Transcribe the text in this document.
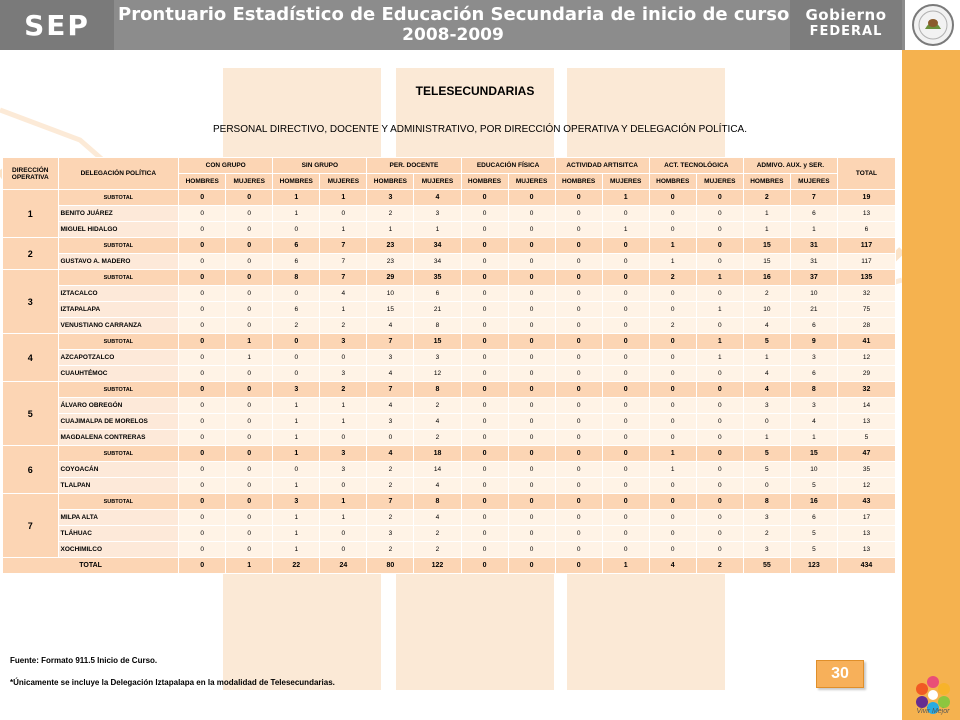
SEP	Prontuario Estadístico de Educación Secundaria de inicio de curso
2008-2009
Gobierno
FEDERAL
TELESECUNDARIAS
PERSONAL DIRECTIVO, DOCENTE Y ADMINISTRATIVO, POR DIRECCIÓN OPERATIVA Y DELEGACIÓN POLÍTICA.
DIRECCIÓN OPERATIVA	DELEGACIÓN POLÍTICA	CON GRUPO		SIN GRUPO		PER. DOCENTE		EDUCACIÓN FÍSICA		ACTIVIDAD ARTISITCA		ACT. TECNOLÓGICA		ADMIVO. AUX. y SER.		TOTAL
		HOMBRES	MUJERES	HOMBRES	MUJERES	HOMBRES	MUJERES	HOMBRES	MUJERES	HOMBRES	MUJERES	HOMBRES	MUJERES	HOMBRES	MUJERES	
1	SUBTOTAL	0	0	1	1	3	4	0	0	0	1	0	0	2	7	19
	BENITO JUÁREZ	0	0	1	0	2	3	0	0	0	0	0	0	1	6	13
	MIGUEL HIDALGO	0	0	0	1	1	1	0	0	0	1	0	0	1	1	6
2	SUBTOTAL	0	0	6	7	23	34	0	0	0	0	1	0	15	31	117
	GUSTAVO A. MADERO	0	0	6	7	23	34	0	0	0	0	1	0	15	31	117
3	SUBTOTAL	0	0	8	7	29	35	0	0	0	0	2	1	16	37	135
	IZTACALCO	0	0	0	4	10	6	0	0	0	0	0	0	2	10	32
	IZTAPALAPA	0	0	6	1	15	21	0	0	0	0	0	1	10	21	75
	VENUSTIANO CARRANZA	0	0	2	2	4	8	0	0	0	0	2	0	4	6	28
4	SUBTOTAL	0	1	0	3	7	15	0	0	0	0	0	1	5	9	41
	AZCAPOTZALCO	0	1	0	0	3	3	0	0	0	0	0	1	1	3	12
	CUAUHTÉMOC	0	0	0	3	4	12	0	0	0	0	0	0	4	6	29
5	SUBTOTAL	0	0	3	2	7	8	0	0	0	0	0	0	4	8	32
	ÁLVARO OBREGÓN	0	0	1	1	4	2	0	0	0	0	0	0	3	3	14
	CUAJIMALPA DE MORELOS	0	0	1	1	3	4	0	0	0	0	0	0	0	4	13
	MAGDALENA CONTRERAS	0	0	1	0	0	2	0	0	0	0	0	0	1	1	5
6	SUBTOTAL	0	0	1	3	4	18	0	0	0	0	1	0	5	15	47
	COYOACÁN	0	0	0	3	2	14	0	0	0	0	1	0	5	10	35
	TLALPAN	0	0	1	0	2	4	0	0	0	0	0	0	0	5	12
7	SUBTOTAL	0	0	3	1	7	8	0	0	0	0	0	0	8	16	43
	MILPA ALTA	0	0	1	1	2	4	0	0	0	0	0	0	3	6	17
	TLÁHUAC	0	0	1	0	3	2	0	0	0	0	0	0	2	5	13
	XOCHIMILCO	0	0	1	0	2	2	0	0	0	0	0	0	3	5	13
TOTAL		0	1	22	24	80	122	0	0	0	1	4	2	55	123	434
Fuente: Formato 911.5 Inicio de Curso.
*Únicamente se incluye la Delegación Iztapalapa en la modalidad de Telesecundarias.
30
Vivir Mejor
